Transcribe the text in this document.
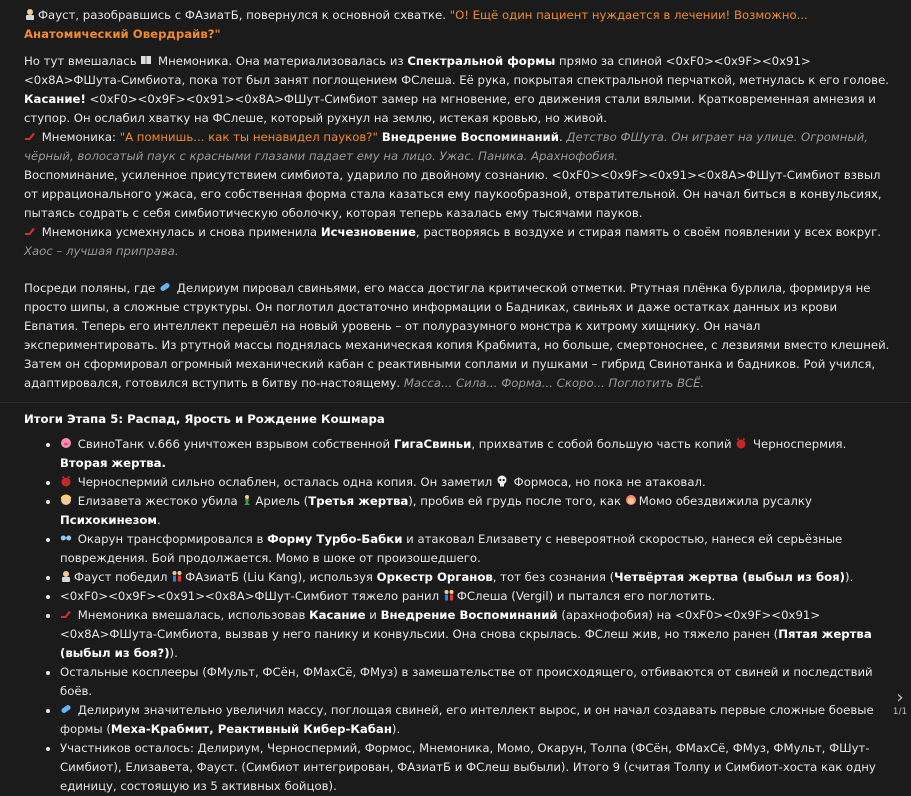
Фауст, разобравшись с ФАзиатБ, повернулся к основной схватке. "О! Ещё один пациент нуждается в лечении! Возможно... Анатомический Овердрайв?"

Но тут вмешалась  Мнемоника. Она материализовалась из Спектральной формы прямо за спиной <0xF0><0x9F><0x91><0x8A>ФШута-Симбиота, пока тот был занят поглощением ФСлеша. Её рука, покрытая спектральной перчаткой, метнулась к его голове. Касание! <0xF0><0x9F><0x91><0x8A>ФШут-Симбиот замер на мгновение, его движения стали вялыми. Кратковременная амнезия и ступор. Он ослабил хватку на ФСлеше, который рухнул на землю, истекая кровью, но живой.

Мнемоника: "А помнишь... как ты ненавидел пауков?" Внедрение Воспоминаний. Детство ФШута. Он играет на улице. Огромный, чёрный, волосатый паук с красными глазами падает ему на лицо. Ужас. Паника. Арахнофобия.

Воспоминание, усиленное присутствием симбиота, ударило по двойному сознанию. <0xF0><0x9F><0x91><0x8A>ФШут-Симбиот взвыл от иррационального ужаса, его собственная форма стала казаться ему паукообразной, отвратительной. Он начал биться в конвульсиях, пытаясь содрать с себя симбиотическую оболочку, которая теперь казалась ему тысячами пауков.

Мнемоника усмехнулась и снова применила Исчезновение, растворяясь в воздухе и стирая память о своём появлении у всех вокруг. Хаос – лучшая приправа.

Посреди поляны, где  Делириум пировал свиньями, его масса достигла критической отметки. Ртутная плёнка бурлила, формируя не просто шипы, а сложные структуры. Он поглотил достаточно информации о Бадниках, свиньях и даже остатках данных из крови Евпатия. Теперь его интеллект перешёл на новый уровень – от полуразумного монстра к хитрому хищнику. Он начал экспериментировать. Из ртутной массы поднялась механическая копия Крабмита, но больше, смертоноснее, с лезвиями вместо клешней. Затем он сформировал огромный механический кабан с реактивными соплами и пушками – гибрид Свинотанка и бадников. Рой учился, адаптировался, готовился вступить в битву по-настоящему. Масса... Сила... Форма... Скоро... Поглотить ВСЁ.

Итоги Этапа 5: Распад, Ярость и Рождение Кошмара
• СвиноТанк v.666 уничтожен взрывом собственной ГигаСвиньи, прихватив с собой большую часть копий  Черноспермия. Вторая жертва.
• Черноспермий сильно ослаблен, осталась одна копия. Он заметил  Формоса, но пока не атаковал.
• Елизавета жестоко убила Ариель (Третья жертва), пробив ей грудь после того, как Момо обездвижила русалку Психокинезом.
• Окарун трансформировался в Форму Турбо-Бабки и атаковал Елизавету с невероятной скоростью, нанеся ей серьёзные повреждения. Бой продолжается. Момо в шоке от произошедшего.
• Фауст победил ФАзиатБ (Liu Kang), используя Оркестр Органов, тот без сознания (Четвёртая жертва (выбыл из боя)).
• <0xF0><0x9F><0x91><0x8A>ФШут-Симбиот тяжело ранил ФСлеша (Vergil) и пытался его поглотить.
• Мнемоника вмешалась, использовав Касание и Внедрение Воспоминаний (арахнофобия) на <0xF0><0x9F><0x91><0x8A>ФШута-Симбиота, вызвав у него панику и конвульсии. Она снова скрылась. ФСлеш жив, но тяжело ранен (Пятая жертва (выбыл из боя?)).
• Остальные косплееры (ФМульт, ФСён, ФМахСё, ФМуз) в замешательстве от происходящего, отбиваются от свиней и последствий боёв.
• Делириум значительно увеличил массу, поглощая свиней, его интеллект вырос, и он начал создавать первые сложные боевые формы (Меха-Крабмит, Реактивный Кибер-Кабан).
• Участников осталось: Делириум, Черноспермий, Формос, Мнемоника, Момо, Окарун, Толпа (ФСён, ФМахСё, ФМуз, ФМульт, ФШут-Симбиот), Елизавета, Фауст. (Симбиот интегрирован, ФАзиатБ и ФСлеш выбыли). Итого 9 (считая Толпу и Симбиот-хоста как одну единицу, состоящую из 5 активных бойцов).
›
1/1
